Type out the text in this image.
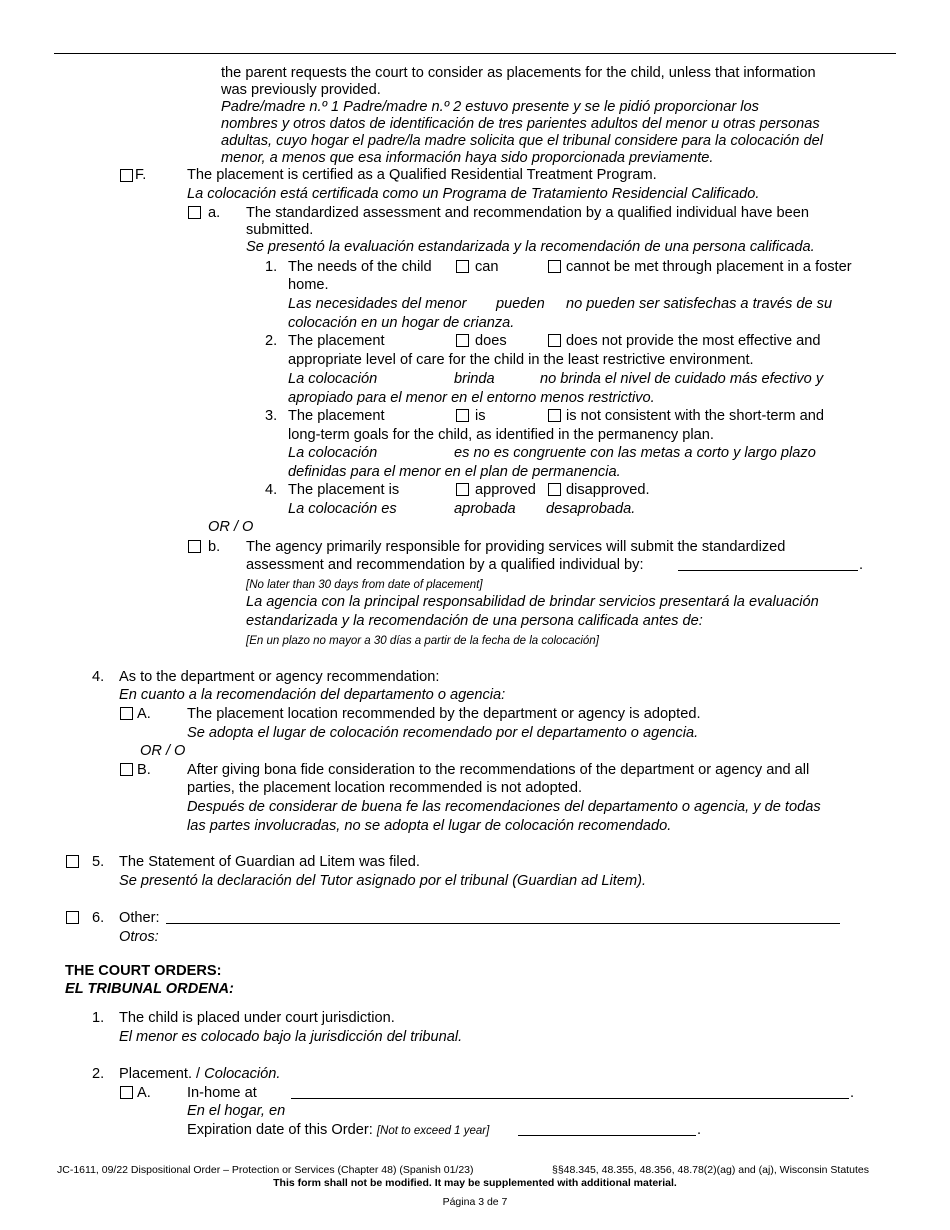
the parent requests the court to consider as placements for the child, unless that information
was previously provided.
Padre/madre n.º 1 Padre/madre n.º 2 estuvo presente y se le pidió proporcionar los
nombres y otros datos de identificación de tres parientes adultos del menor u otras personas
adultas, cuyo hogar el padre/la madre solicita que el tribunal considere para la colocación del
menor, a menos que esa información haya sido proporcionada previamente.
F.	The placement is certified as a Qualified Residential Treatment Program.
La colocación está certificada como un Programa de Tratamiento Residencial Calificado.
a. The standardized assessment and recommendation by a qualified individual have been
submitted.
Se presentó la evaluación estandarizada y la recomendación de una persona calificada.
1. The needs of the child	can	cannot be met through placement in a foster
home.
Las necesidades del menor pueden no pueden ser satisfechas a través de su
colocación en un hogar de crianza.
2. The placement	does	does not provide the most effective and
appropriate level of care for the child in the least restrictive environment.
La colocación	brinda	no brinda el nivel de cuidado más efectivo y
apropiado para el menor en el entorno menos restrictivo.
3. The placement	is	is not consistent with the short-term and
long-term goals for the child, as identified in the permanency plan.
La colocación	es no es congruente con las metas a corto y largo plazo
definidas para el menor en el plan de permanencia.
4. The placement is	approved disapproved.
La colocación es	aprobada desaprobada.
OR / O
b. The agency primarily responsible for providing services will submit the standardized
assessment and recommendation by a qualified individual by:	.
[No later than 30 days from date of placement]
La agencia con la principal responsabilidad de brindar servicios presentará la evaluación
estandarizada y la recomendación de una persona calificada antes de:
[En un plazo no mayor a 30 días a partir de la fecha de la colocación]
4. As to the department or agency recommendation:
En cuanto a la recomendación del departamento o agencia:
A. The placement location recommended by the department or agency is adopted.
Se adopta el lugar de colocación recomendado por el departamento o agencia.
OR / O
B. After giving bona fide consideration to the recommendations of the department or agency and all
parties, the placement location recommended is not adopted.
Después de considerar de buena fe las recomendaciones del departamento o agencia, y de todas
las partes involucradas, no se adopta el lugar de colocación recomendado.
5. The Statement of Guardian ad Litem was filed.
Se presentó la declaración del Tutor asignado por el tribunal (Guardian ad Litem).
6. Other:
Otros:
THE COURT ORDERS:
EL TRIBUNAL ORDENA:
1. The child is placed under court jurisdiction.
El menor es colocado bajo la jurisdicción del tribunal.
2. Placement. / Colocación.
A. In-home at	.
En el hogar, en
Expiration date of this Order: [Not to exceed 1 year]	.
JC-1611, 09/22 Dispositional Order – Protection or Services (Chapter 48) (Spanish 01/23)	§§48.345, 48.355, 48.356, 48.78(2)(ag) and (aj), Wisconsin Statutes
This form shall not be modified. It may be supplemented with additional material.
Página 3 de 7
